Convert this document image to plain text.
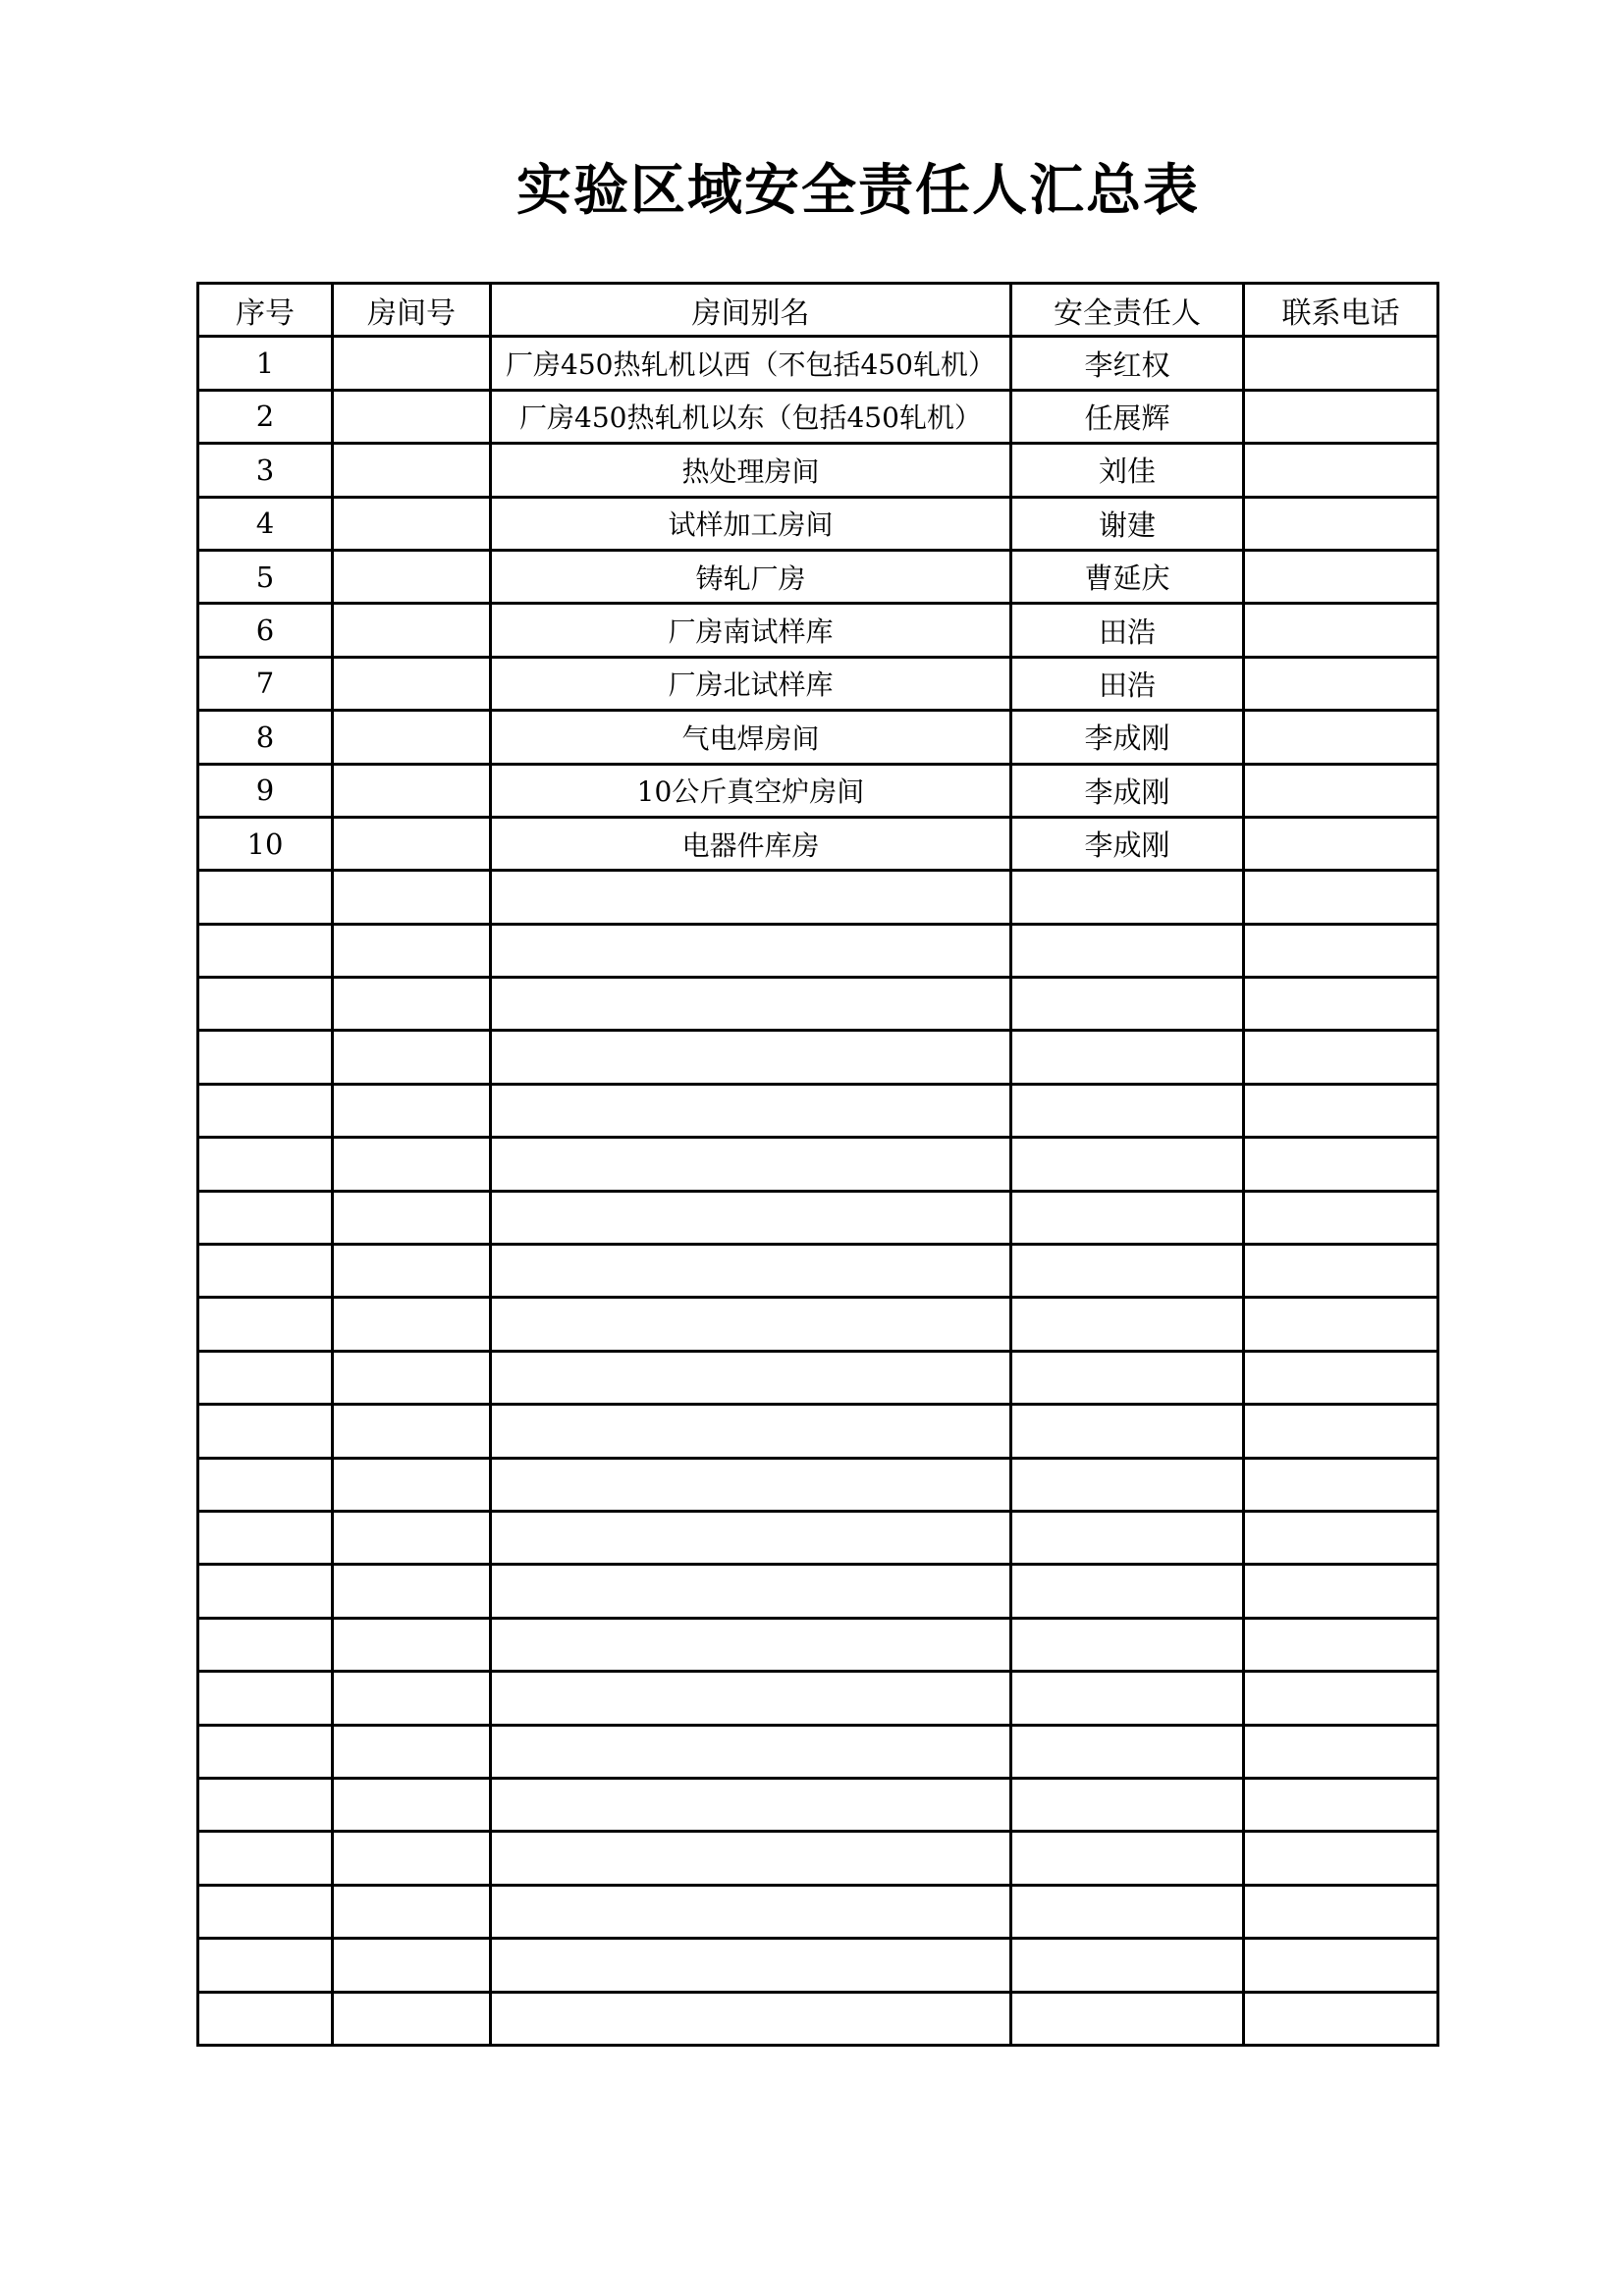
实验区域安全责任人汇总表
序号	房间号	房间别名	安全责任人	联系电话
1		厂房450热轧机以西（不包括450轧机）	李红权	
2		厂房450热轧机以东（包括450轧机）	任展辉	
3		热处理房间	刘佳	
4		试样加工房间	谢建	
5		铸轧厂房	曹延庆	
6		厂房南试样库	田浩	
7		厂房北试样库	田浩	
8		气电焊房间	李成刚	
9		10公斤真空炉房间	李成刚	
10		电器件库房	李成刚	
